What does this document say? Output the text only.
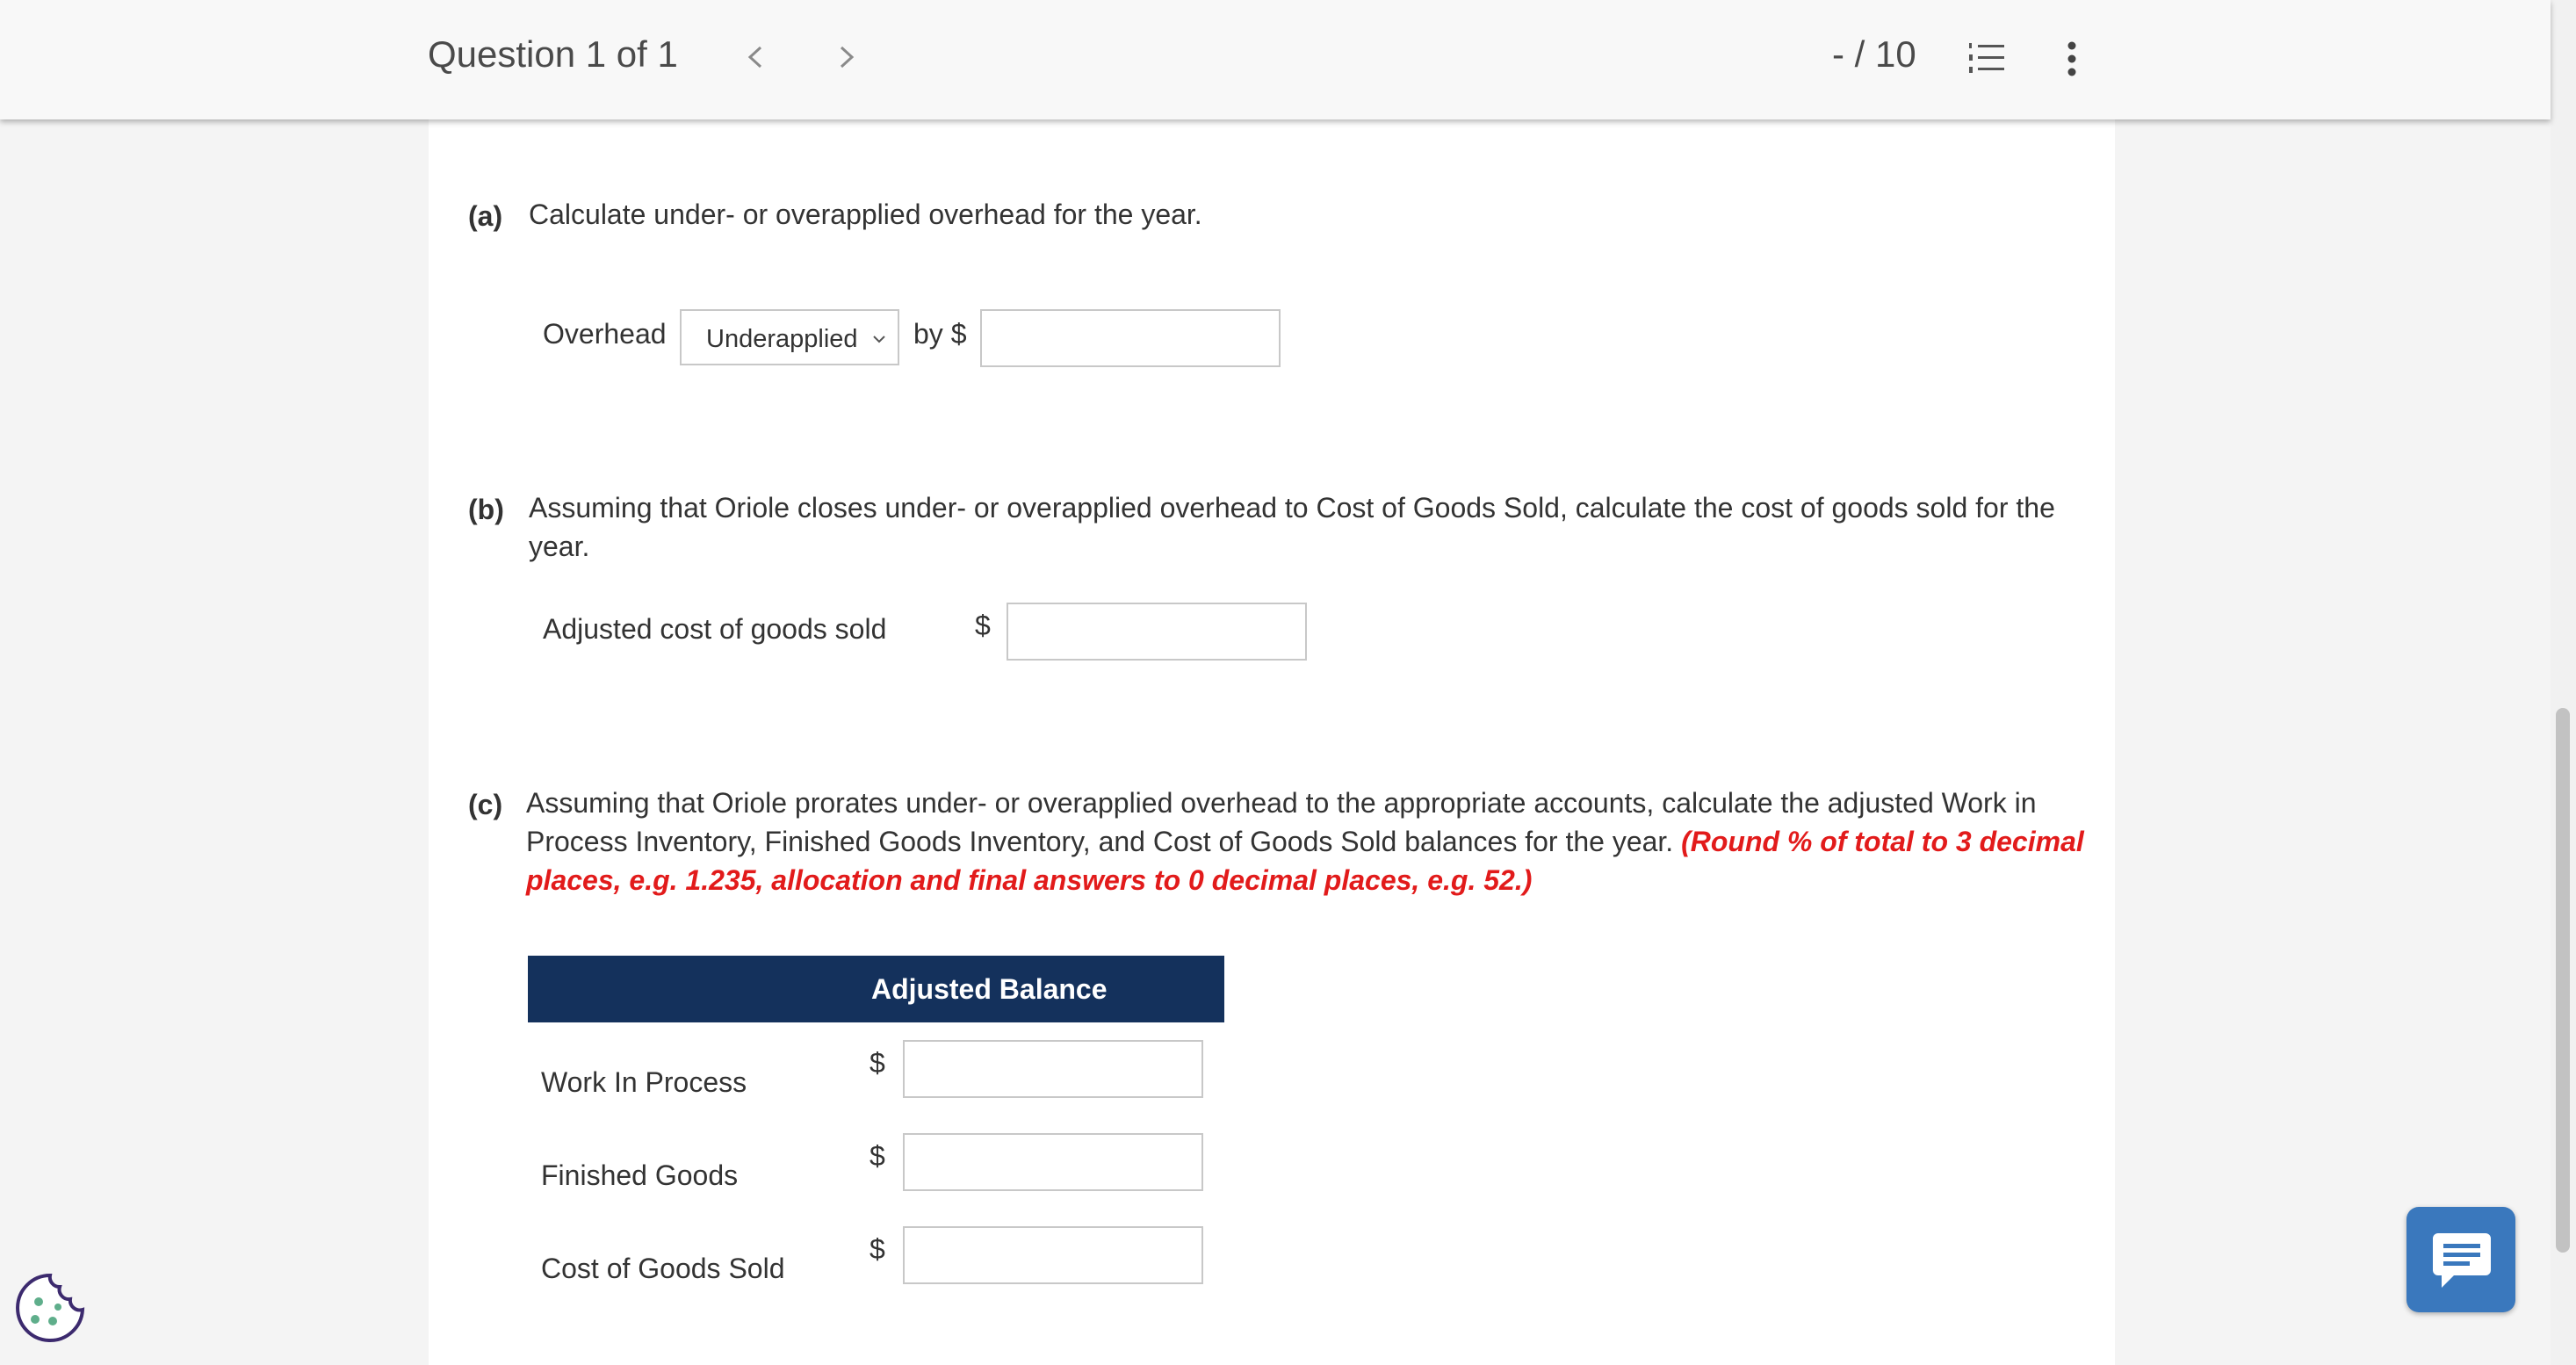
Question 1 of 1	- / 10
(a) Calculate under- or overapplied overhead for the year.
Overhead Underapplied by $
(b) Assuming that Oriole closes under- or overapplied overhead to Cost of Goods Sold, calculate the cost of goods sold for the year.
Adjusted cost of goods sold	$
(c) Assuming that Oriole prorates under- or overapplied overhead to the appropriate accounts, calculate the adjusted Work in Process Inventory, Finished Goods Inventory, and Cost of Goods Sold balances for the year. (Round % of total to 3 decimal places, e.g. 1.235, allocation and final answers to 0 decimal places, e.g. 52.)
Adjusted Balance
Work In Process
$
Finished Goods
$
Cost of Goods Sold
$
